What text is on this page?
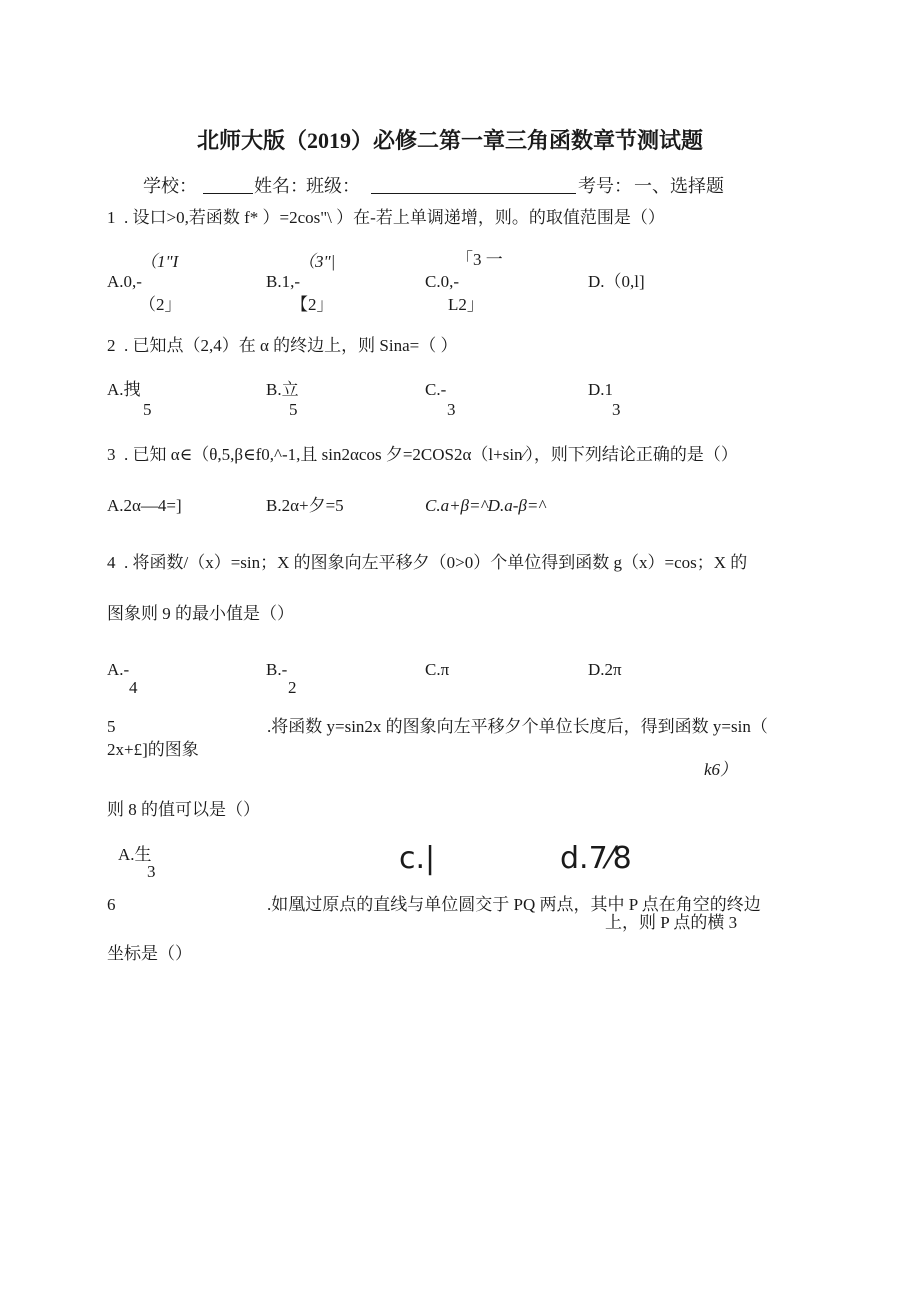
北师大版（2019）必修二第一章三角函数章节测试题
学校：	姓名：
班级：	考号： 一、选择题
1 . 设口>0,若函数 f* ）=2cos"\ ）在-若上单调递增，则。的取值范围是（）
（1"I
A.0,-
（2」
（3"|
B.1,-
【2」
「3 一
C.0,-
L2」
D.（0,l]
2 . 已知点（2,4）在 α 的终边上，则 Sina=（ ）
A.拽
5
B.立
5
C.-
3
D.1
3
3 . 已知 α∈（θ,5,β∈f0,^-1,且 sin2αcos 夕=2COS2α（l+sin⁄），则下列结论正确的是（）
A.2α—4=]	B.2α+夕=5	C.a+β=^D.a-β=^
4 . 将函数/（x）=sin；X 的图象向左平移夕（0>0）个单位得到函数 g（x）=cos；X 的
图象则 9 的最小值是（）
A.-
4
B.-
2
C.π	D.2π
5	.将函数 y=sin2x 的图象向左平移夕个单位长度后，得到函数 y=sin（
2x+£]的图象
k6）
则 8 的值可以是（）
A.生
3	c.|	d.7⁄8
6	.如凰过原点的直线与单位圆交于 PQ 两点，其中 P 点在角空的终边
上，则 P 点的横 3
坐标是（）
